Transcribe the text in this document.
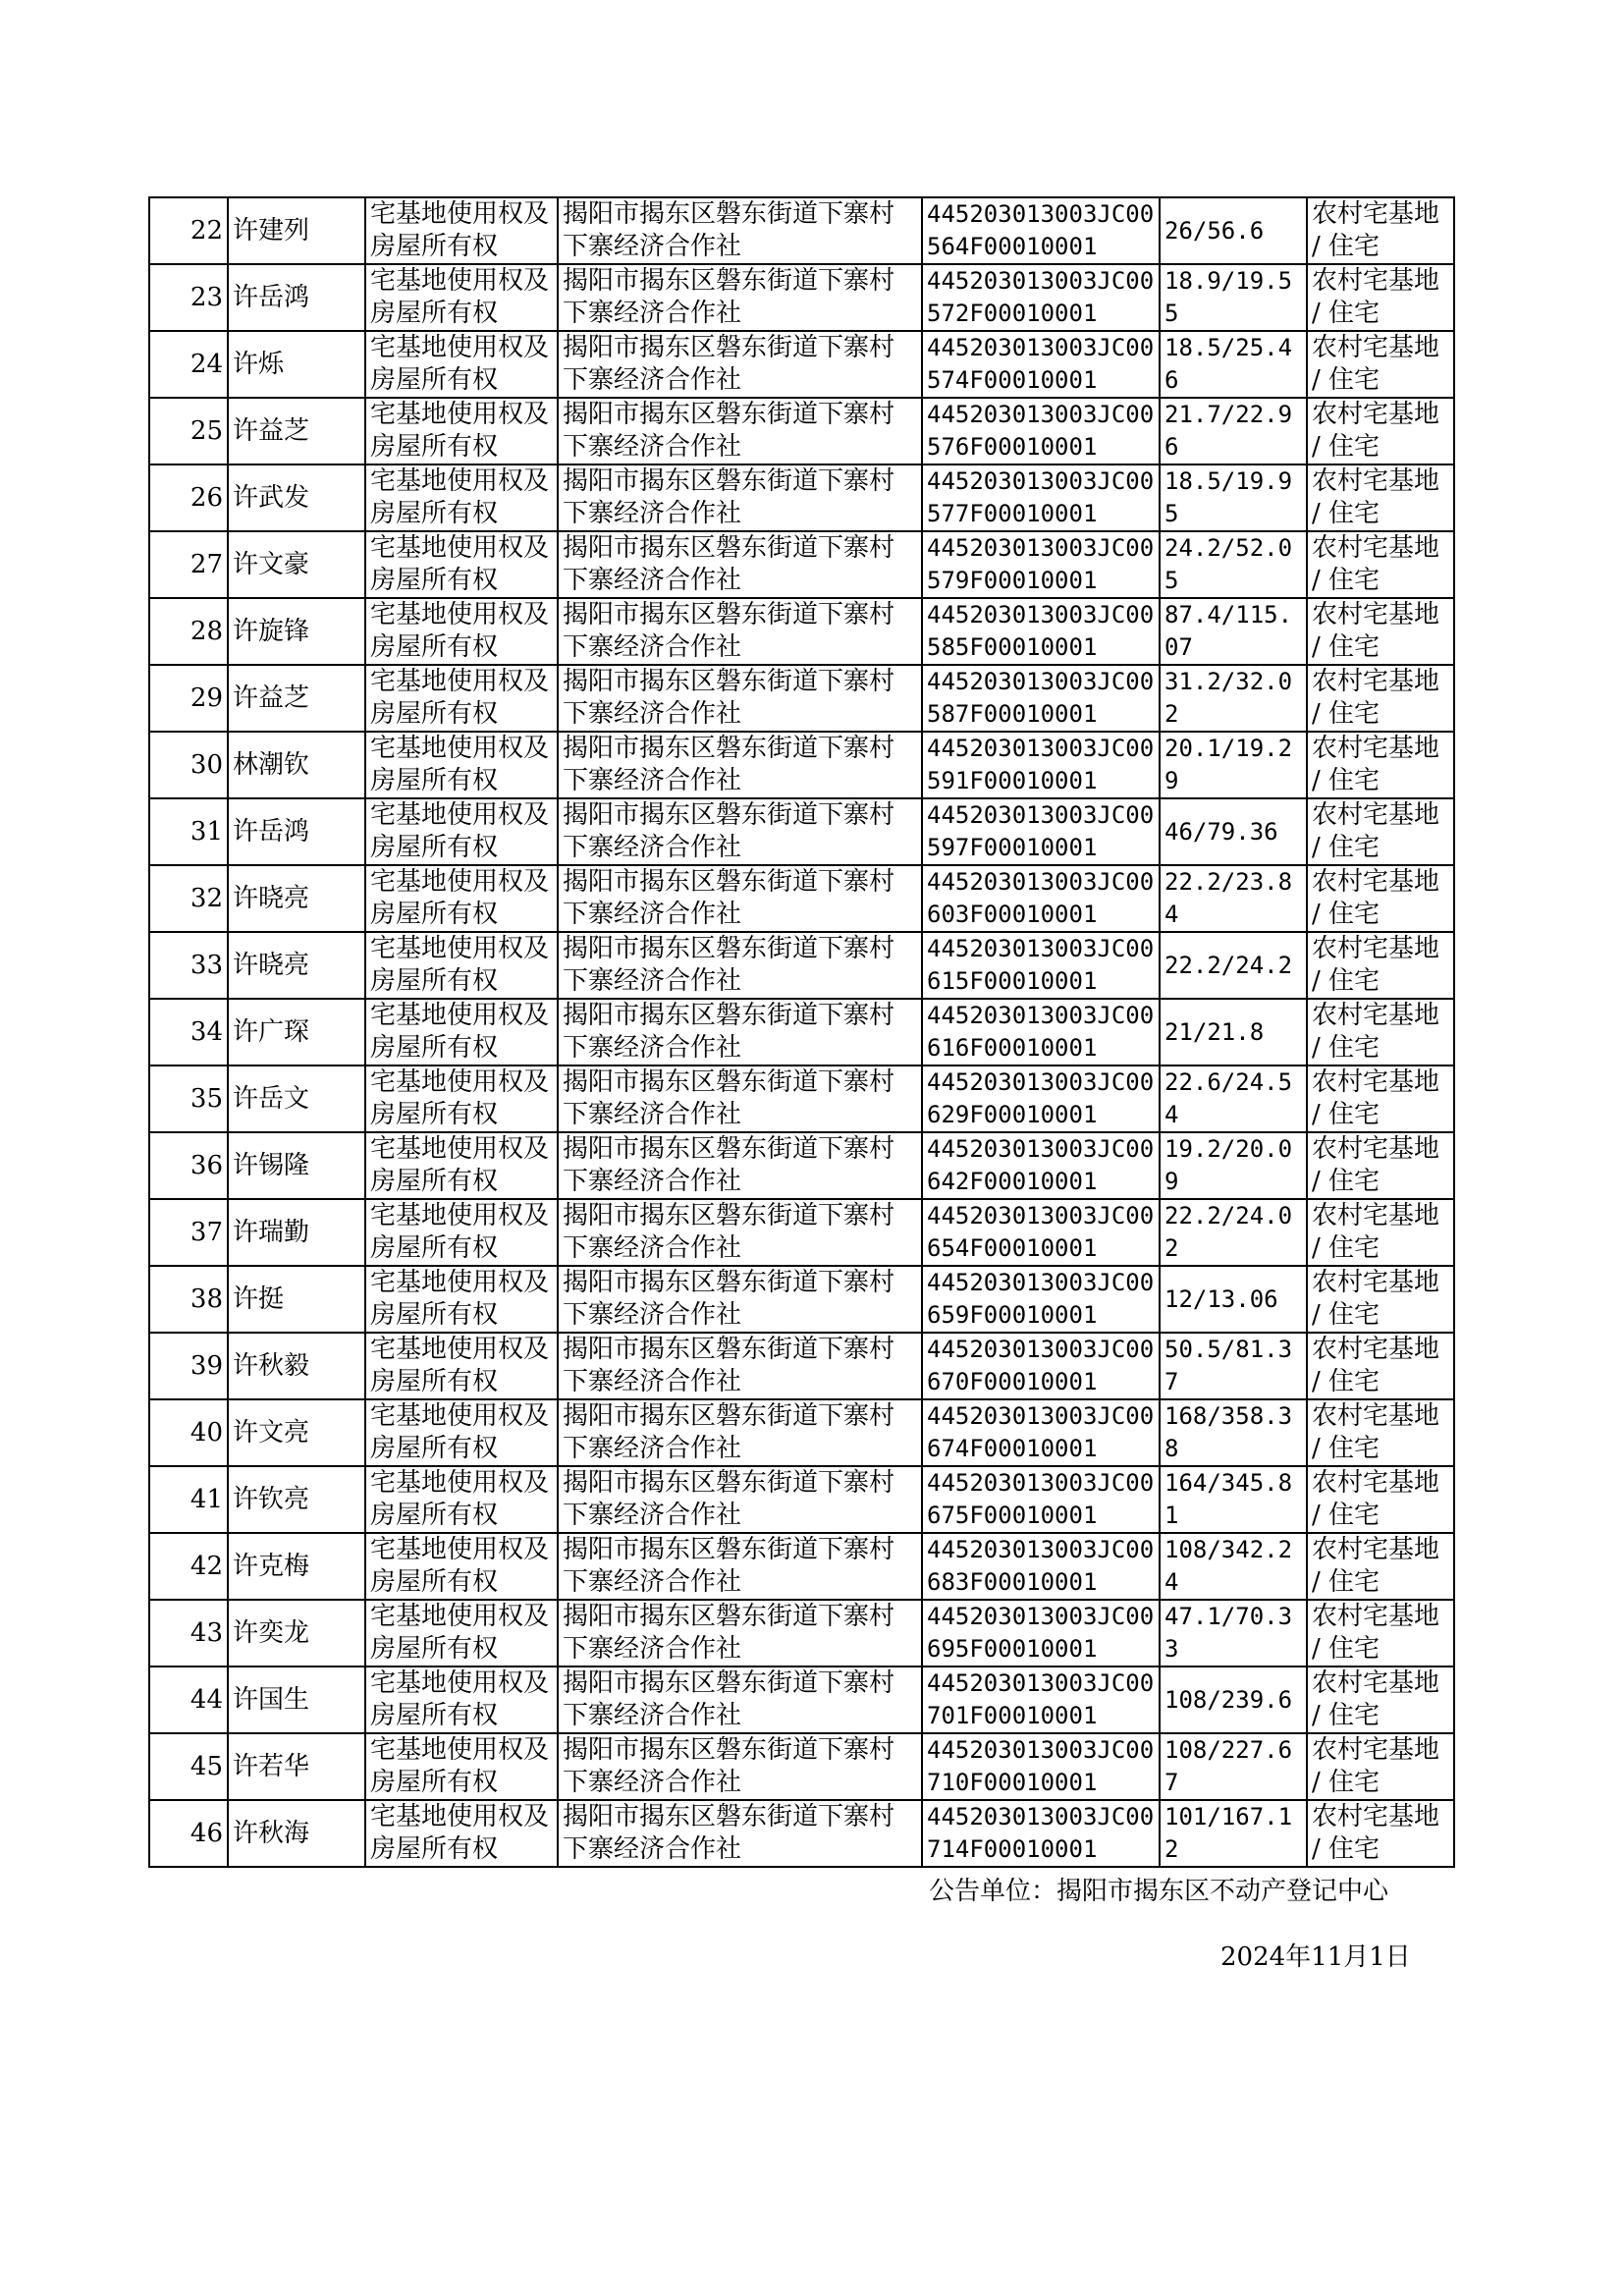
22	许建列	宅基地使用权及房屋所有权	揭阳市揭东区磐东街道下寨村下寨经济合作社	445203013003JC00564F00010001	26/56.6	农村宅基地 / 住宅
23	许岳鸿	宅基地使用权及房屋所有权	揭阳市揭东区磐东街道下寨村下寨经济合作社	445203013003JC00572F00010001	18.9/19.55	农村宅基地 / 住宅
24	许烁	宅基地使用权及房屋所有权	揭阳市揭东区磐东街道下寨村下寨经济合作社	445203013003JC00574F00010001	18.5/25.46	农村宅基地 / 住宅
25	许益芝	宅基地使用权及房屋所有权	揭阳市揭东区磐东街道下寨村下寨经济合作社	445203013003JC00576F00010001	21.7/22.96	农村宅基地 / 住宅
26	许武发	宅基地使用权及房屋所有权	揭阳市揭东区磐东街道下寨村下寨经济合作社	445203013003JC00577F00010001	18.5/19.95	农村宅基地 / 住宅
27	许文豪	宅基地使用权及房屋所有权	揭阳市揭东区磐东街道下寨村下寨经济合作社	445203013003JC00579F00010001	24.2/52.05	农村宅基地 / 住宅
28	许旋锋	宅基地使用权及房屋所有权	揭阳市揭东区磐东街道下寨村下寨经济合作社	445203013003JC00585F00010001	87.4/115.07	农村宅基地 / 住宅
29	许益芝	宅基地使用权及房屋所有权	揭阳市揭东区磐东街道下寨村下寨经济合作社	445203013003JC00587F00010001	31.2/32.02	农村宅基地 / 住宅
30	林潮钦	宅基地使用权及房屋所有权	揭阳市揭东区磐东街道下寨村下寨经济合作社	445203013003JC00591F00010001	20.1/19.29	农村宅基地 / 住宅
31	许岳鸿	宅基地使用权及房屋所有权	揭阳市揭东区磐东街道下寨村下寨经济合作社	445203013003JC00597F00010001	46/79.36	农村宅基地 / 住宅
32	许晓亮	宅基地使用权及房屋所有权	揭阳市揭东区磐东街道下寨村下寨经济合作社	445203013003JC00603F00010001	22.2/23.84	农村宅基地 / 住宅
33	许晓亮	宅基地使用权及房屋所有权	揭阳市揭东区磐东街道下寨村下寨经济合作社	445203013003JC00615F00010001	22.2/24.2	农村宅基地 / 住宅
34	许广琛	宅基地使用权及房屋所有权	揭阳市揭东区磐东街道下寨村下寨经济合作社	445203013003JC00616F00010001	21/21.8	农村宅基地 / 住宅
35	许岳文	宅基地使用权及房屋所有权	揭阳市揭东区磐东街道下寨村下寨经济合作社	445203013003JC00629F00010001	22.6/24.54	农村宅基地 / 住宅
36	许锡隆	宅基地使用权及房屋所有权	揭阳市揭东区磐东街道下寨村下寨经济合作社	445203013003JC00642F00010001	19.2/20.09	农村宅基地 / 住宅
37	许瑞勤	宅基地使用权及房屋所有权	揭阳市揭东区磐东街道下寨村下寨经济合作社	445203013003JC00654F00010001	22.2/24.02	农村宅基地 / 住宅
38	许挺	宅基地使用权及房屋所有权	揭阳市揭东区磐东街道下寨村下寨经济合作社	445203013003JC00659F00010001	12/13.06	农村宅基地 / 住宅
39	许秋毅	宅基地使用权及房屋所有权	揭阳市揭东区磐东街道下寨村下寨经济合作社	445203013003JC00670F00010001	50.5/81.37	农村宅基地 / 住宅
40	许文亮	宅基地使用权及房屋所有权	揭阳市揭东区磐东街道下寨村下寨经济合作社	445203013003JC00674F00010001	168/358.38	农村宅基地 / 住宅
41	许钦亮	宅基地使用权及房屋所有权	揭阳市揭东区磐东街道下寨村下寨经济合作社	445203013003JC00675F00010001	164/345.81	农村宅基地 / 住宅
42	许克梅	宅基地使用权及房屋所有权	揭阳市揭东区磐东街道下寨村下寨经济合作社	445203013003JC00683F00010001	108/342.24	农村宅基地 / 住宅
43	许奕龙	宅基地使用权及房屋所有权	揭阳市揭东区磐东街道下寨村下寨经济合作社	445203013003JC00695F00010001	47.1/70.33	农村宅基地 / 住宅
44	许国生	宅基地使用权及房屋所有权	揭阳市揭东区磐东街道下寨村下寨经济合作社	445203013003JC00701F00010001	108/239.6	农村宅基地 / 住宅
45	许若华	宅基地使用权及房屋所有权	揭阳市揭东区磐东街道下寨村下寨经济合作社	445203013003JC00710F00010001	108/227.67	农村宅基地 / 住宅
46	许秋海	宅基地使用权及房屋所有权	揭阳市揭东区磐东街道下寨村下寨经济合作社	445203013003JC00714F00010001	101/167.12	农村宅基地 / 住宅
公告单位：揭阳市揭东区不动产登记中心
2024年11月1日
